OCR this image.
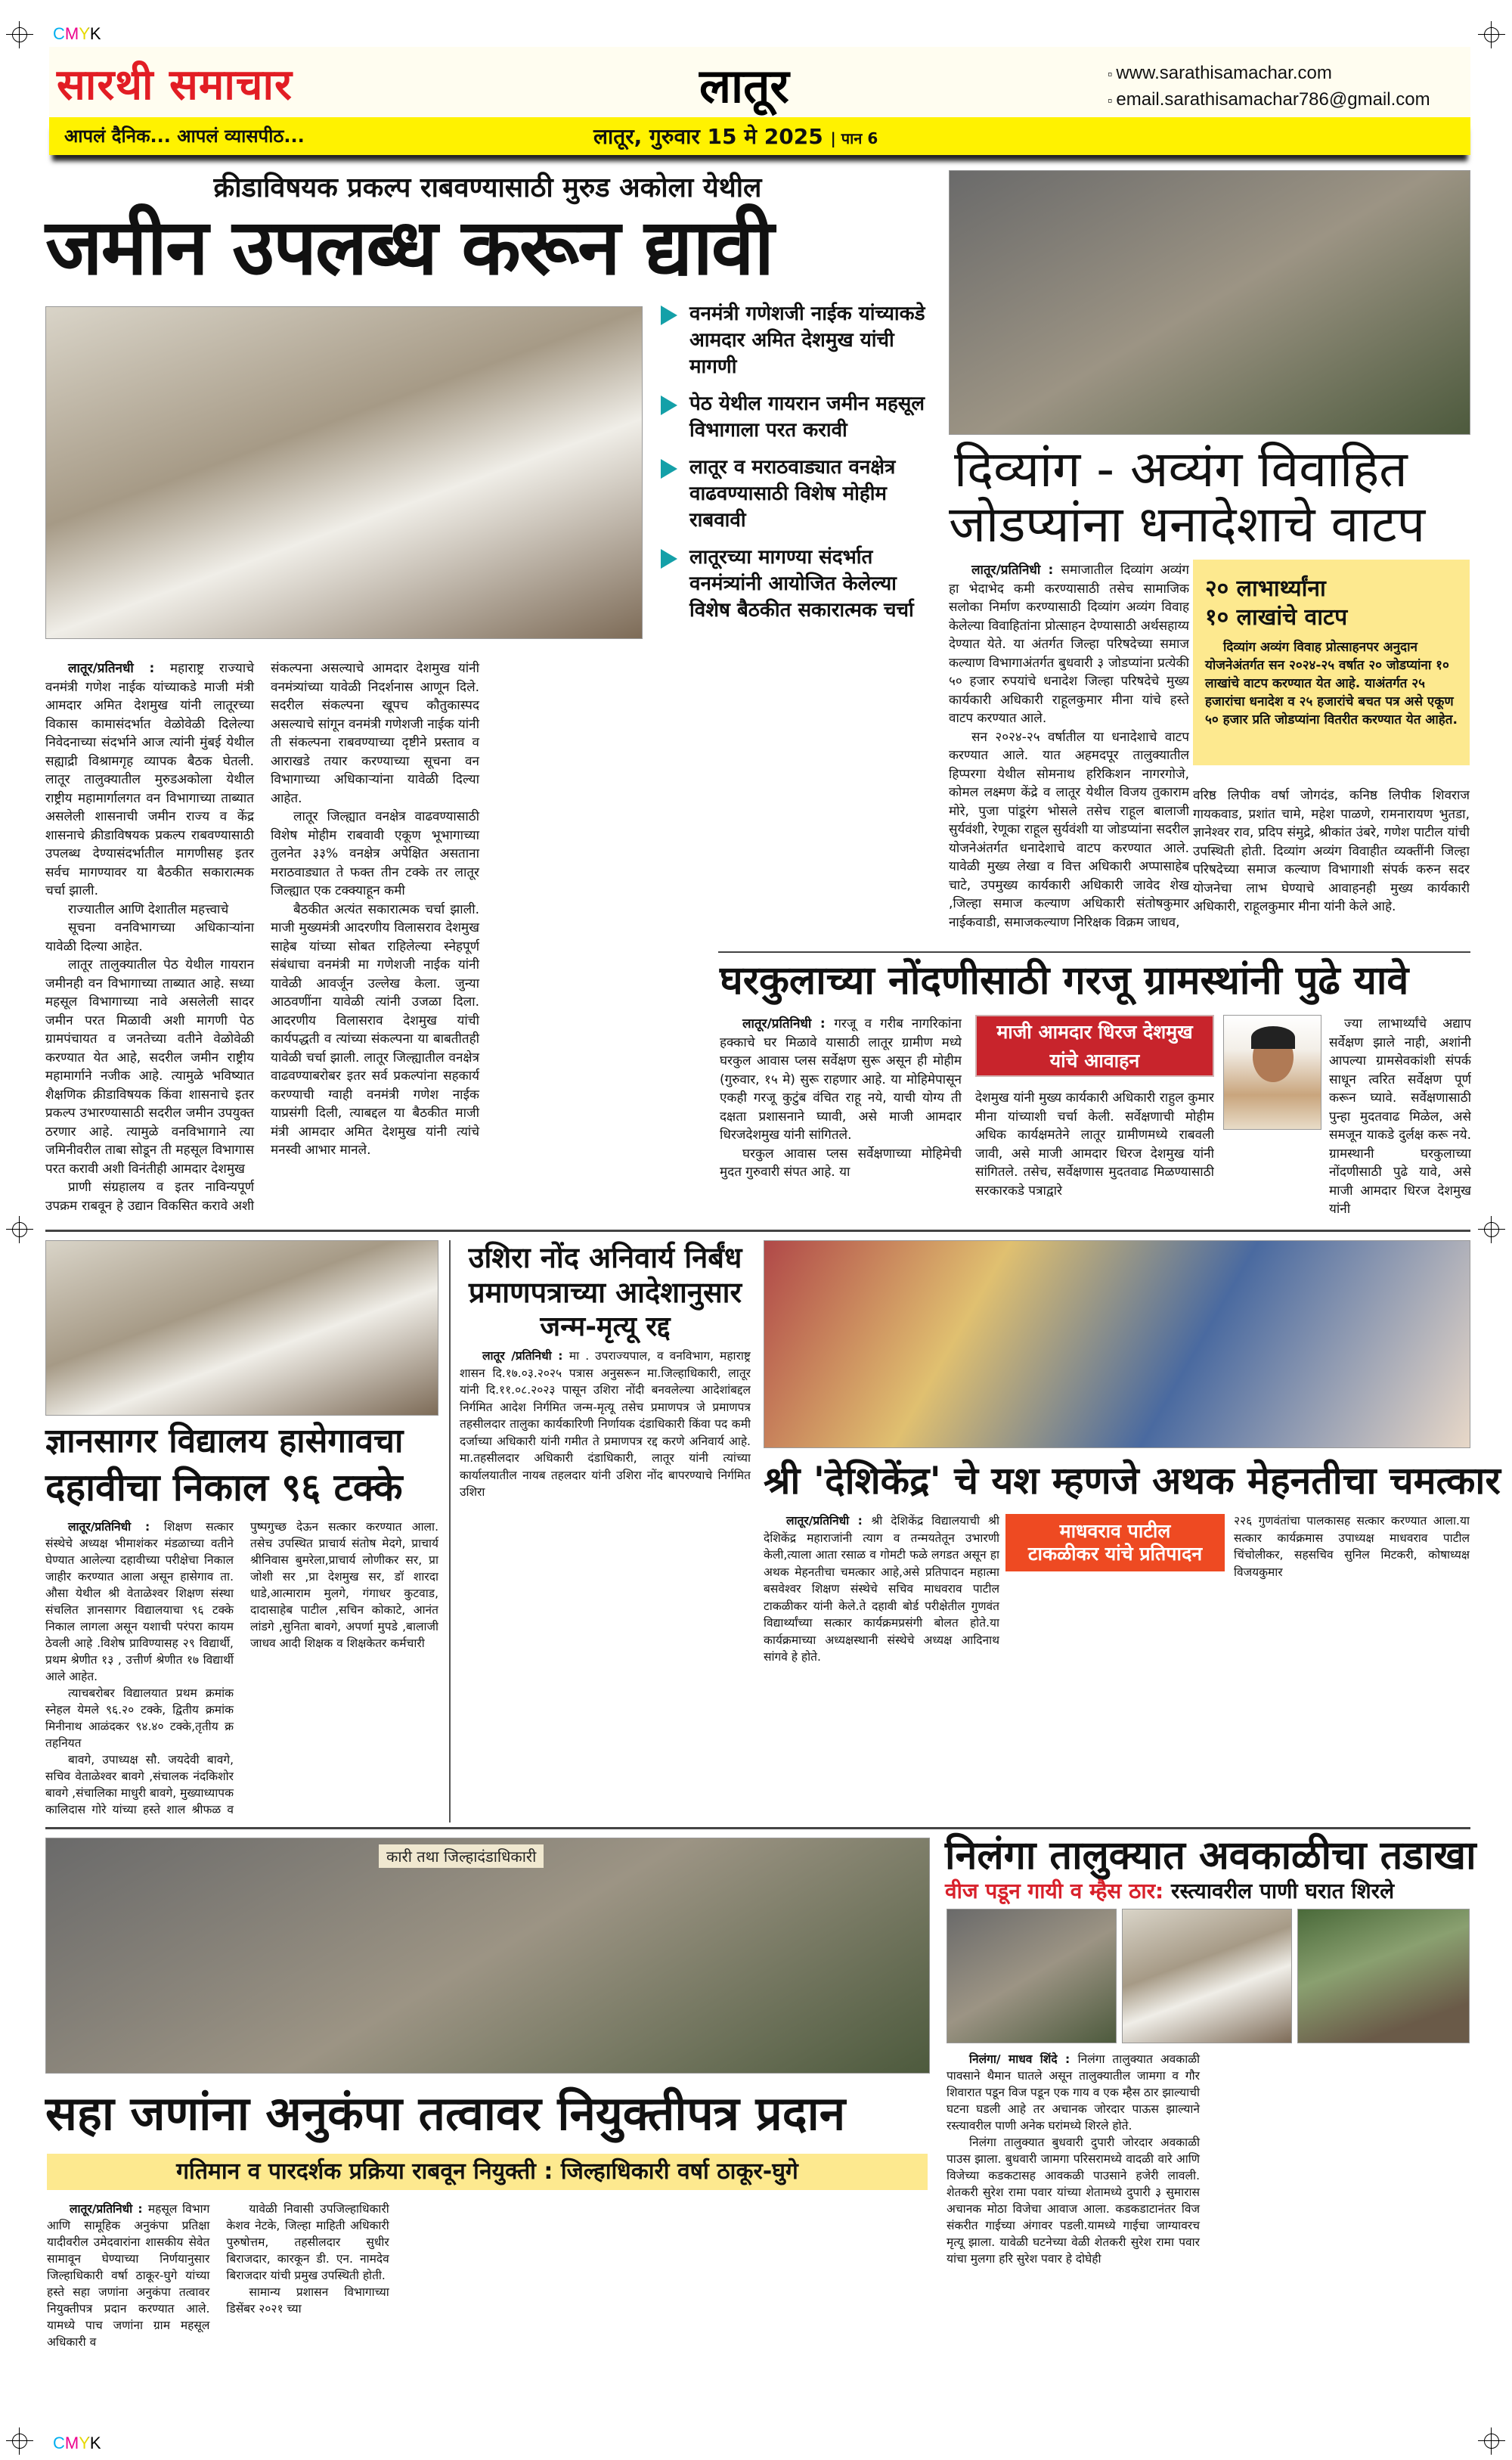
CMYK
CMYK
सारथी समाचार	लातूर	▫ www.sarathisamachar.com
▫ email.sarathisamachar786@gmail.com
आपलं दैनिक... आपलं व्यासपीठ...	लातूर, गुरुवार 15 मे 2025 | पान 6
क्रीडाविषयक प्रकल्प राबवण्यासाठी मुरुड अकोला येथील
जमीन उपलब्ध करून द्यावी
वनमंत्री गणेशजी नाईक यांच्याकडे आमदार अमित देशमुख यांची मागणी
पेठ येथील गायरान जमीन महसूल विभागाला परत करावी
लातूर व मराठवाड्यात वनक्षेत्र वाढवण्यासाठी विशेष मोहीम राबवावी
लातूरच्या मागण्या संदर्भात वनमंत्र्यांनी आयोजित केलेल्या विशेष बैठकीत सकारात्मक चर्चा

लातूर/प्रतिनधी : महाराष्ट्र राज्याचे वनमंत्री गणेश नाईक यांच्याकडे माजी मंत्री आमदार अमित देशमुख यांनी लातूरच्या विकास कामासंदर्भात वेळोवेळी दिलेल्या निवेदनाच्या संदर्भाने आज त्यांनी मुंबई येथील सह्याद्री विश्रामगृह व्यापक बैठक घेतली. लातूर तालुक्यातील मुरुडअकोला येथील राष्ट्रीय महामार्गालगत वन विभागाच्या ताब्यात असलेली शासनाची जमीन राज्य व केंद्र शासनाचे क्रीडाविषयक प्रकल्प राबवण्यासाठी उपलब्ध देण्यासंदर्भातील मागणीसह इतर सर्वच मागण्यावर या बैठकीत सकारात्मक चर्चा झाली.

राज्यातील आणि देशातील महत्त्वाचे

सूचना वनविभागच्या अधिकाऱ्यांना यावेळी दिल्या आहेत.

लातूर तालुक्यातील पेठ येथील गायरान जमीनही वन विभागाच्या ताब्यात आहे. सध्या महसूल विभागाच्या नावे असलेली सादर जमीन परत मिळावी अशी मागणी पेठ ग्रामपंचायत व जनतेच्या वतीने वेळोवेळी करण्यात येत आहे, सदरील जमीन राष्ट्रीय महामार्गाने नजीक आहे. त्यामुळे भविष्यात शैक्षणिक क्रीडाविषयक किंवा शासनाचे इतर प्रकल्प उभारण्यासाठी सदरील जमीन उपयुक्त ठरणार आहे. त्यामुळे वनविभागाने त्या जमिनीवरील ताबा सोडून ती महसूल विभागास परत करावी अशी विनंतीही आमदार देशमुख

प्राणी संग्रहालय व इतर नाविन्यपूर्ण उपक्रम राबवून हे उद्यान विकसित करावे अशी संकल्पना असल्याचे आमदार देशमुख यांनी वनमंत्र्यांच्या यावेळी निदर्शनास आणून दिले. सदरील संकल्पना खूपच कौतुकास्पद असल्याचे सांगून वनमंत्री गणेशजी नाईक यांनी ती संकल्पना राबवण्याच्या दृष्टीने प्रस्ताव व आराखडे तयार करण्याच्या सूचना वन विभागाच्या अधिकाऱ्यांना यावेळी दिल्या आहेत.

लातूर जिल्ह्यात वनक्षेत्र वाढवण्यासाठी विशेष मोहीम राबवावी एकूण भूभागाच्या तुलनेत ३३% वनक्षेत्र अपेक्षित असताना मराठवाड्यात ते फक्त तीन टक्के तर लातूर जिल्ह्यात एक टक्क्याहून कमी

बैठकीत अत्यंत सकारात्मक चर्चा झाली. माजी मुख्यमंत्री आदरणीय विलासराव देशमुख साहेब यांच्या सोबत राहिलेल्या स्नेहपूर्ण संबंधाचा वनमंत्री मा गणेशजी नाईक यांनी यावेळी आवर्जून उल्लेख केला. जुन्या आठवणींना यावेळी त्यांनी उजळा दिला. आदरणीय विलासराव देशमुख यांची कार्यपद्धती व त्यांच्या संकल्पना या बाबतीतही यावेळी चर्चा झाली. लातूर जिल्ह्यातील वनक्षेत्र वाढवण्याबरोबर इतर सर्व प्रकल्पांना सहकार्य करण्याची ग्वाही वनमंत्री गणेश नाईक याप्रसंगी दिली, त्याबद्दल या बैठकीत माजी मंत्री आमदार अमित देशमुख यांनी त्यांचे मनस्वी आभार मानले.

दिव्यांग - अव्यंग विवाहित
जोडप्यांना धनादेशाचे वाटप

लातूर/प्रतिनिधी : समाजातील दिव्यांग अव्यंग हा भेदाभेद कमी करण्यासाठी तसेच सामाजिक सलोका निर्माण करण्यासाठी दिव्यांग अव्यंग विवाह केलेल्या विवाहितांना प्रोत्साहन देण्यासाठी अर्थसहाय्य देण्यात येते. या अंतर्गत जिल्हा परिषदेच्या समाज कल्याण विभागाअंतर्गत बुधवारी ३ जोडप्यांना प्रत्येकी ५० हजार रुपयांचे धनादेश जिल्हा परिषदेचे मुख्य कार्यकारी अधिकारी राहूलकुमार मीना यांचे हस्ते वाटप करण्यात आले.

सन २०२४-२५ वर्षातील या धनादेशाचे वाटप करण्यात आले. यात अहमदपूर तालुक्यातील हिप्परगा येथील सोमनाथ हरिकिशन नागरगोजे, कोमल लक्ष्मण केंद्रे व लातूर येथील विजय तुकाराम मोरे, पुजा पांडूरंग भोसले तसेच राहूल बालाजी सुर्यवंशी, रेणूका राहूल सुर्यवंशी या जोडप्यांना सदरील योजनेअंतर्गत धनादेशाचे वाटप करण्यात आले. यावेळी मुख्य लेखा व वित्त अधिकारी अप्पासाहेब चाटे, उपमुख्य कार्यकारी अधिकारी जावेद शेख ,जिल्हा समाज कल्याण अधिकारी संतोषकुमार नाईकवाडी, समाजकल्याण निरिक्षक विक्रम जाधव,

२० लाभार्थ्यांना
१० लाखांचे वाटप
दिव्यांग अव्यंग विवाह प्रोत्साहनपर अनुदान योजनेअंतर्गत सन २०२४-२५ वर्षात २० जोडप्यांना १० लाखांचे वाटप करण्यात येत आहे. याअंतर्गत २५ हजारांचा धनादेश व २५ हजारांचे बचत पत्र असे एकूण ५० हजार प्रति जोडप्यांना वितरीत करण्यात येत आहेत.

वरिष्ठ लिपीक वर्षा जोगदंड, कनिष्ठ लिपीक शिवराज गायकवाड, प्रशांत चामे, महेश पाळणे, रामनारायण भुतडा, ज्ञानेश्वर राव, प्रदिप संमुद्रे, श्रीकांत उंबरे, गणेश पाटील यांची उपस्थिती होती. दिव्यांग अव्यंग विवाहीत व्यक्तींनी जिल्हा परिषदेच्या समाज कल्याण विभागाशी संपर्क करुन सदर योजनेचा लाभ घेण्याचे आवाहनही मुख्य कार्यकारी अधिकारी, राहूलकुमार मीना यांनी केले आहे.

घरकुलाच्या नोंदणीसाठी गरजू ग्रामस्थांनी पुढे यावे

लातूर/प्रतिनिधी : गरजू व गरीब नागरिकांना हक्काचे घर मिळावे यासाठी लातूर ग्रामीण मध्ये घरकुल आवास प्लस सर्वेक्षण सुरू असून ही मोहीम (गुरुवार, १५ मे) सुरू राहणार आहे. या मोहिमेपासून एकही गरजू कुटुंब वंचित राहू नये, याची योग्य ती दक्षता प्रशासनाने घ्यावी, असे माजी आमदार धिरजदेशमुख यांनी सांगितले.

घरकुल आवास प्लस सर्वेक्षणाच्या मोहिमेची मुदत गुरुवारी संपत आहे. या

माजी आमदार धिरज देशमुख
यांचे आवाहन

देशमुख यांनी मुख्य कार्यकारी अधिकारी राहुल कुमार मीना यांच्याशी चर्चा केली. सर्वेक्षणाची मोहीम अधिक कार्यक्षमतेने लातूर ग्रामीणमध्ये राबवली जावी, असे माजी आमदार धिरज देशमुख यांनी सांगितले. तसेच, सर्वेक्षणास मुदतवाढ मिळण्यासाठी सरकारकडे पत्राद्वारे

ज्या लाभार्थ्यांचे अद्याप सर्वेक्षण झाले नाही, अशांनी आपल्या ग्रामसेवकांशी संपर्क साधून त्वरित सर्वेक्षण पूर्ण करून घ्यावे. सर्वेक्षणासाठी पुन्हा मुदतवाढ मिळेल, असे समजून याकडे दुर्लक्ष करू नये. ग्रामस्थानी घरकुलाच्या नोंदणीसाठी पुढे यावे, असे माजी आमदार धिरज देशमुख यांनी

ज्ञानसागर विद्यालय हासेगावचा
दहावीचा निकाल ९६ टक्के

लातूर/प्रतिनिधी : शिक्षण सत्कार संस्थेचे अध्यक्ष भीमाशंकर मंडळाच्या वतीने घेण्यात आलेल्या दहावीच्या परीक्षेचा निकाल जाहीर करण्यात आला असून हासेगाव ता. औसा येथील श्री वेताळेश्वर शिक्षण संस्था संचलित ज्ञानसागर विद्यालयाचा ९६ टक्के निकाल लागला असून यशाची परंपरा कायम ठेवली आहे .विशेष प्राविण्यासह २९ विद्यार्थी, प्रथम श्रेणीत १३ , उत्तीर्ण श्रेणीत १७ विद्यार्थी आले आहेत.

त्याचबरोबर विद्यालयात प्रथम क्रमांक स्नेहल येमले ९६.२० टक्के, द्वितीय क्रमांक मिनीनाथ आळंदकर ९४.४० टक्के,तृतीय क्र तहनियत

बावगे, उपाध्यक्ष सौ. जयदेवी बावगे, सचिव वेताळेश्वर बावगे ,संचालक नंदकिशोर बावगे ,संचालिका माधुरी बावगे, मुख्याध्यापक कालिदास गोरे यांच्या हस्ते शाल श्रीफळ व पुष्पगुच्छ देऊन सत्कार करण्यात आला. तसेच उपस्थित प्राचार्य संतोष मेदगे, प्राचार्य श्रीनिवास बुमरेला,प्राचार्य लोणीकर सर, प्रा जोशी सर ,प्रा देशमुख सर, डॉ शारदा धाडे,आत्माराम मुलगे, गंगाधर कुटवाड, दादासाहेब पाटील ,सचिन कोकाटे, आनंत लांडगे ,सुनिता बावगे, अपर्णा मुपडे ,बालाजी जाधव आदी शिक्षक व शिक्षकेतर कर्मचारी

उशिरा नोंद अनिवार्य निर्बंध
प्रमाणपत्राच्या आदेशानुसार
जन्म-मृत्यू रद्द

लातूर /प्रतिनिधी : मा . उपराज्यपाल, व वनविभाग, महाराष्ट्र शासन दि.१७.०३.२०२५ पत्रास अनुसरून मा.जिल्हाधिकारी, लातूर यांनी दि.११.०८.२०२३ पासून उशिरा नोंदी बनवलेल्या आदेशांबद्दल निर्गमित आदेश निर्गमित जन्म-मृत्यू तसेच प्रमाणपत्र जे प्रमाणपत्र तहसीलदार तालुका कार्यकारिणी निर्णायक दंडाधिकारी किंवा पद कमी दर्जाच्या अधिकारी यांनी गमीत ते प्रमाणपत्र रद्द करणे अनिवार्य आहे. मा.तहसीलदार अधिकारी दंडाधिकारी, लातूर यांनी त्यांच्या कार्यालयातील नायब तहलदार यांनी उशिरा नोंद बापरण्याचे निर्गमित उशिरा	श्री 'देशिकेंद्र' चे यश म्हणजे अथक मेहनतीचा चमत्कार

लातूर/प्रतिनिधी : श्री देशिकेंद्र विद्यालयाची श्री देशिकेंद्र महाराजांनी त्याग व तन्मयतेतून उभारणी केली,त्याला आता रसाळ व गोमटी फळे लगडत असून हा अथक मेहनतीचा चमत्कार आहे,असे प्रतिपादन महात्मा बसवेश्वर शिक्षण संस्थेचे सचिव माधवराव पाटील टाकळीकर यांनी केले.ते दहावी बोर्ड परीक्षेतील गुणवंत विद्यार्थ्यांच्या सत्कार कार्यक्रमप्रसंगी बोलत होते.या कार्यक्रमाच्या अध्यक्षस्थानी संस्थेचे अध्यक्ष आदिनाथ सांगवे हे होते.

माधवराव पाटील
टाकळीकर यांचे प्रतिपादन

२२६ गुणवंतांचा पालकासह सत्कार करण्यात आला.या सत्कार कार्यक्रमास उपाध्यक्ष माधवराव पाटील चिंचोलीकर, सहसचिव सुनिल मिटकरी, कोषाध्यक्ष विजयकुमार

कारी तथा जिल्हादंडाधिकारी
सहा जणांना अनुकंपा तत्वावर नियुक्तीपत्र प्रदान
गतिमान व पारदर्शक प्रक्रिया राबवून नियुक्ती : जिल्हाधिकारी वर्षा ठाकूर-घुगे

लातूर/प्रतिनिधी : महसूल विभाग आणि सामूहिक अनुकंपा प्रतिक्षा यादीवरील उमेदवारांना शासकीय सेवेत सामावून घेण्याच्या निर्णयानुसार जिल्हाधिकारी वर्षा ठाकूर-घुगे यांच्या हस्ते सहा जणांना अनुकंपा तत्वावर नियुक्तीपत्र प्रदान करण्यात आले. यामध्ये पाच जणांना ग्राम महसूल अधिकारी व

यावेळी निवासी उपजिल्हाधिकारी केशव नेटके, जिल्हा माहिती अधिकारी पुरुषोत्तम, तहसीलदार सुधीर बिराजदार, कारकून डी. एन. नामदेव बिराजदार यांची प्रमुख उपस्थिती होती.

सामान्य प्रशासन विभागाच्या डिसेंबर २०२१ च्या

निलंगा तालुक्यात अवकाळीचा तडाखा
वीज पडून गायी व म्हैस ठार: रस्त्यावरील पाणी घरात शिरले

निलंगा/ माधव शिंदे : निलंगा तालुक्यात अवकाळी पावसाने थैमान घातले असून तालुक्यातील जामगा व गौर शिवारात पडून विज पडून एक गाय व एक म्हैस ठार झाल्याची घटना घडली आहे तर अचानक जोरदार पाऊस झाल्याने रस्त्यावरील पाणी अनेक घरांमध्ये शिरले होते.

निलंगा तालुक्यात बुधवारी दुपारी जोरदार अवकाळी पाउस झाला. बुधवारी जामगा परिसरामध्ये वादळी वारे आणि विजेच्या कडकटासह आवकळी पाउसाने हजेरी लावली. शेतकरी सुरेश रामा पवार यांच्या शेतामध्ये दुपारी ३ सुमारास अचानक मोठा विजेचा आवाज आला. कडकडाटानंतर विज संकरीत गाईच्या अंगावर पडली.यामध्ये गाईचा जाग्यावरच मृत्यू झाला. यावेळी घटनेच्या वेळी शेतकरी सुरेश रामा पवार यांचा मुलगा हरि सुरेश पवार हे दोघेही
